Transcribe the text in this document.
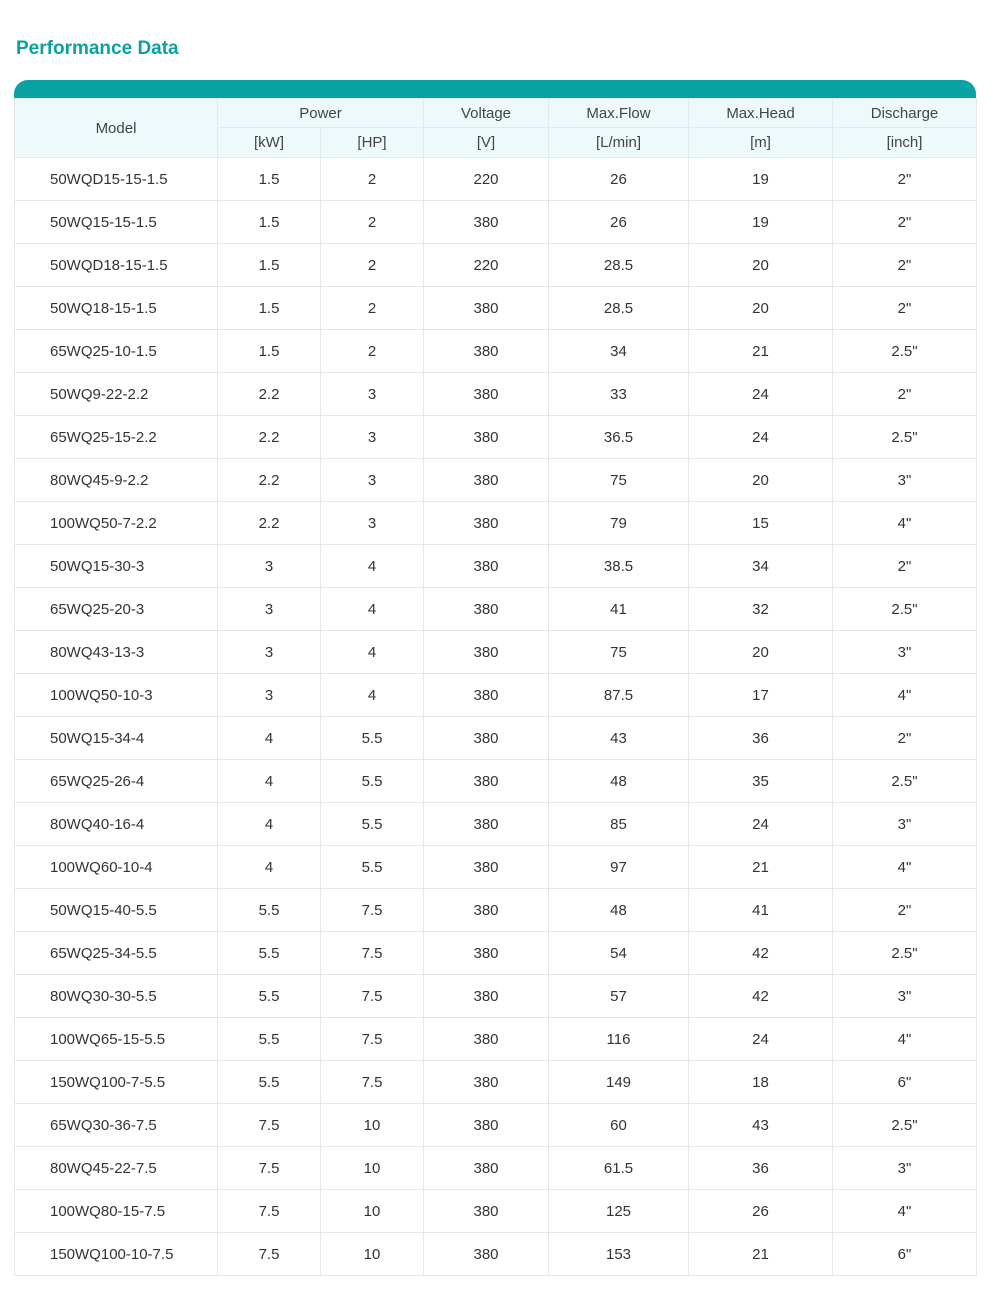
Performance Data
Model	Power		Voltage	Max.Flow	Max.Head	Discharge
	[kW]	[HP]	[V]	[L/min]	[m]	[inch]
50WQD15-15-1.5	1.5	2	220	26	19	2"
50WQ15-15-1.5	1.5	2	380	26	19	2"
50WQD18-15-1.5	1.5	2	220	28.5	20	2"
50WQ18-15-1.5	1.5	2	380	28.5	20	2"
65WQ25-10-1.5	1.5	2	380	34	21	2.5"
50WQ9-22-2.2	2.2	3	380	33	24	2"
65WQ25-15-2.2	2.2	3	380	36.5	24	2.5"
80WQ45-9-2.2	2.2	3	380	75	20	3"
100WQ50-7-2.2	2.2	3	380	79	15	4"
50WQ15-30-3	3	4	380	38.5	34	2"
65WQ25-20-3	3	4	380	41	32	2.5"
80WQ43-13-3	3	4	380	75	20	3"
100WQ50-10-3	3	4	380	87.5	17	4"
50WQ15-34-4	4	5.5	380	43	36	2"
65WQ25-26-4	4	5.5	380	48	35	2.5"
80WQ40-16-4	4	5.5	380	85	24	3"
100WQ60-10-4	4	5.5	380	97	21	4"
50WQ15-40-5.5	5.5	7.5	380	48	41	2"
65WQ25-34-5.5	5.5	7.5	380	54	42	2.5"
80WQ30-30-5.5	5.5	7.5	380	57	42	3"
100WQ65-15-5.5	5.5	7.5	380	116	24	4"
150WQ100-7-5.5	5.5	7.5	380	149	18	6"
65WQ30-36-7.5	7.5	10	380	60	43	2.5"
80WQ45-22-7.5	7.5	10	380	61.5	36	3"
100WQ80-15-7.5	7.5	10	380	125	26	4"
150WQ100-10-7.5	7.5	10	380	153	21	6"
